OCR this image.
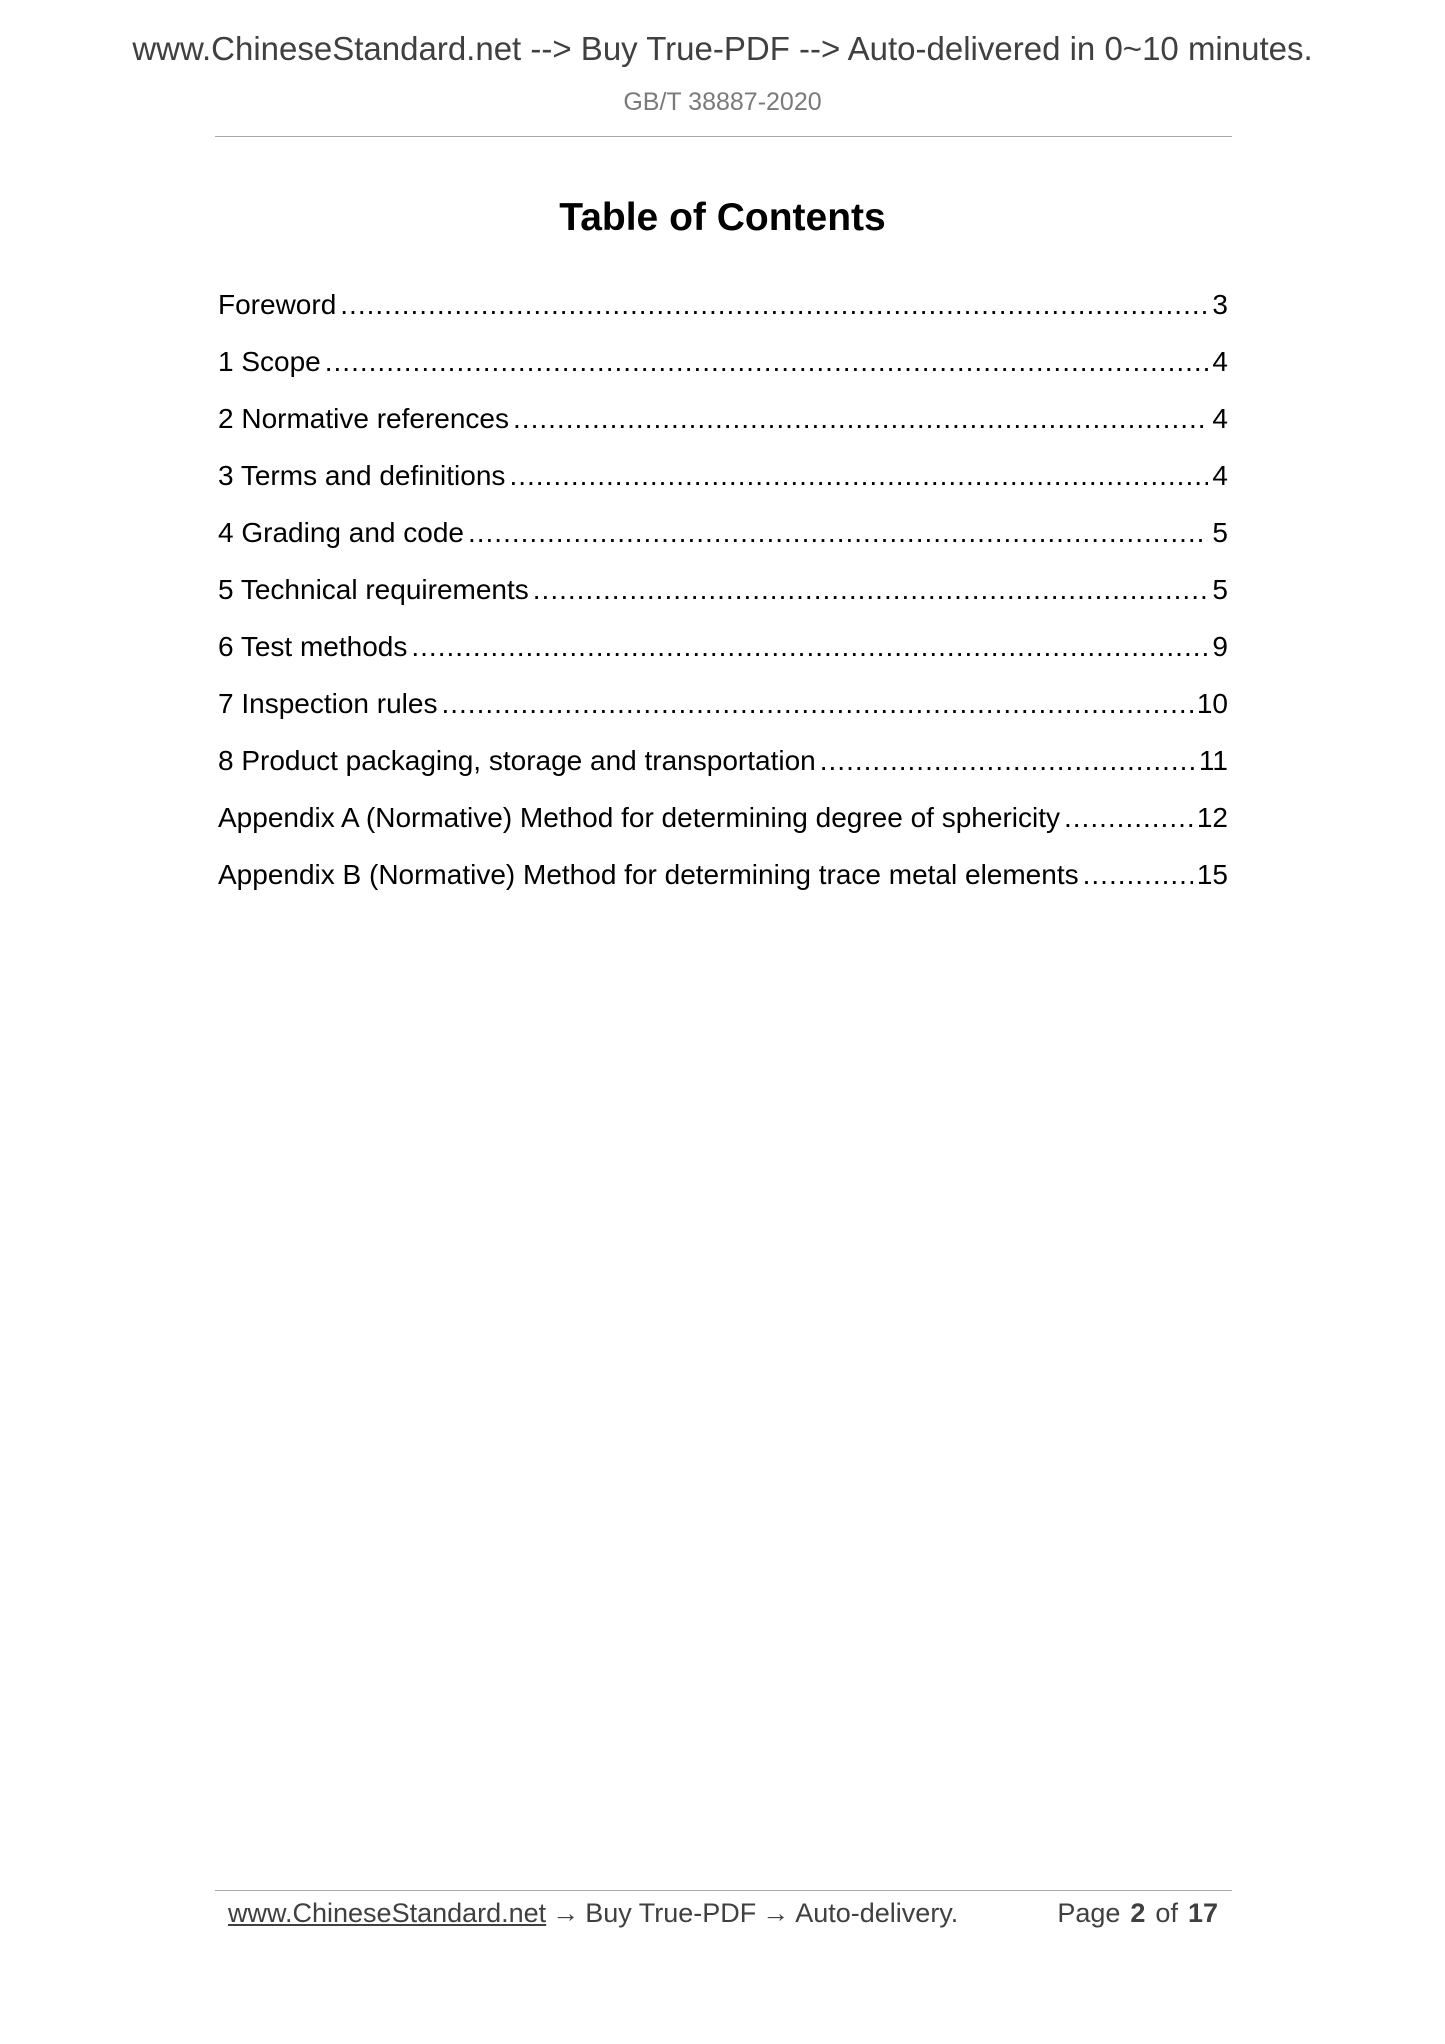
www.ChineseStandard.net --> Buy True-PDF --> Auto-delivered in 0~10 minutes.
GB/T 38887-2020
Table of Contents
Foreword .....	3
1 Scope .....	4
2 Normative references .....	4
3 Terms and definitions .....	4
4 Grading and code .....	5
5 Technical requirements .....	5
6 Test methods .....	9
7 Inspection rules .....	10
8 Product packaging, storage and transportation .....	11
Appendix A (Normative) Method for determining degree of sphericity .....	12
Appendix B (Normative) Method for determining trace metal elements .....	15
www.ChineseStandard.net → Buy True-PDF → Auto-delivery.	Page 2 of 17
